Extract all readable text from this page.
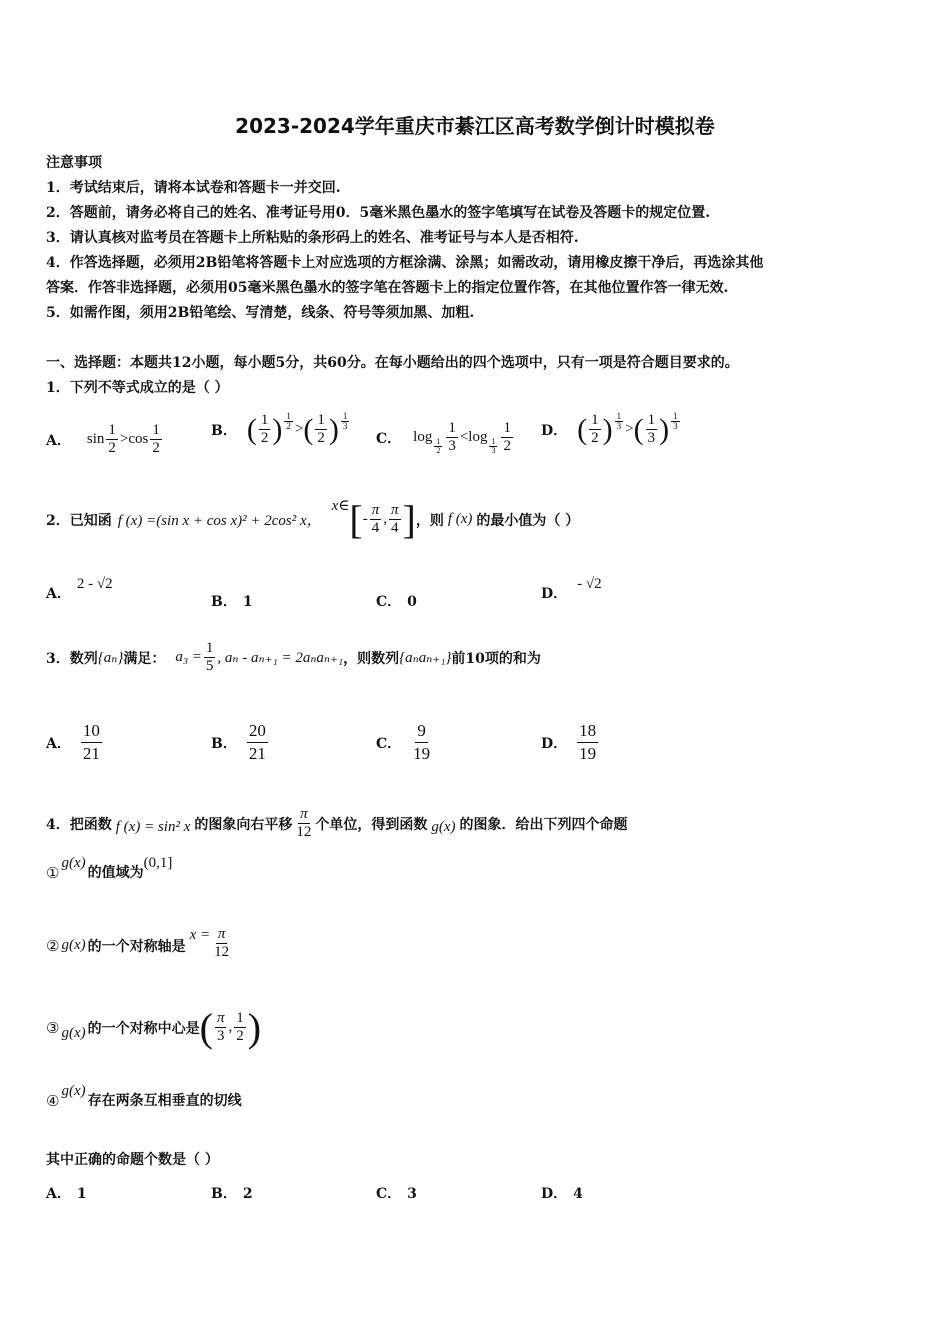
2023-2024学年重庆市綦江区高考数学倒计时模拟卷
注意事项
1．考试结束后，请将本试卷和答题卡一并交回.
2．答题前，请务必将自己的姓名、准考证号用0．5毫米黑色墨水的签字笔填写在试卷及答题卡的规定位置.
3．请认真核对监考员在答题卡上所粘贴的条形码上的姓名、准考证号与本人是否相符.
4．作答选择题，必须用2B铅笔将答题卡上对应选项的方框涂满、涂黑；如需改动，请用橡皮擦干净后，再选涂其他
答案．作答非选择题，必须用05毫米黑色墨水的签字笔在答题卡上的指定位置作答，在其他位置作答一律无效.
5．如需作图，须用2B铅笔绘、写清楚，线条、符号等须加黑、加粗.
一、选择题：本题共12小题，每小题5分，共60分。在每小题给出的四个选项中，只有一项是符合题目要求的。
1．下列不等式成立的是（ ）
A． $\sin \frac{1}{2} > \cos \frac{1}{2}$	B． ( $\frac{1}{2}$ ) $\frac{1}{2}$ > ( $\frac{1}{2}$ ) $\frac{1}{3}$
C． log
$\frac{1}{2} \frac{1}{3} < \log$
$\frac{1}{3} \frac{1}{2}$ D． ( $\frac{1}{2}$ ) $\frac{1}{3}$ > ( $\frac{1}{3}$ ) $\frac{1}{3}$
2．已知函 f (x) =(sin x + cos x)² + 2cos² x，
x∈ [ - $\frac{\pi}{4}$ , $\frac{\pi}{4}$ ] ，则 f (x) 的最小值为（ ）
A．2 - √2
B． 1	C． 0	D．- √2
3．数列 {aₙ} 满足： $a_3 = \frac{1}{5}$ , aₙ - aₙ₊₁ = 2aₙaₙ₊₁ ，则数列 {aₙaₙ₊₁} 前10项的和为
A． $\frac{10}{21}$	B． $\frac{20}{21}$	C． $\frac{9}{19}$	D． $\frac{18}{19}$
4．把函数 f (x) = sin² x 的图象向右平移 $\frac{\pi}{12}$ 个单位，得到函数 g(x) 的图象．给出下列四个命题
①
g(x)
的值域为
(0,1]
② g(x) 的一个对称轴是
$x = \frac{\pi}{12}$
③ g(x) 的一个对称中心是 ( $\frac{\pi}{3}$ , $\frac{1}{2}$ )
④
g(x)
存在两条互相垂直的切线
其中正确的命题个数是（ ）
A． 1	B． 2	C． 3	D． 4
